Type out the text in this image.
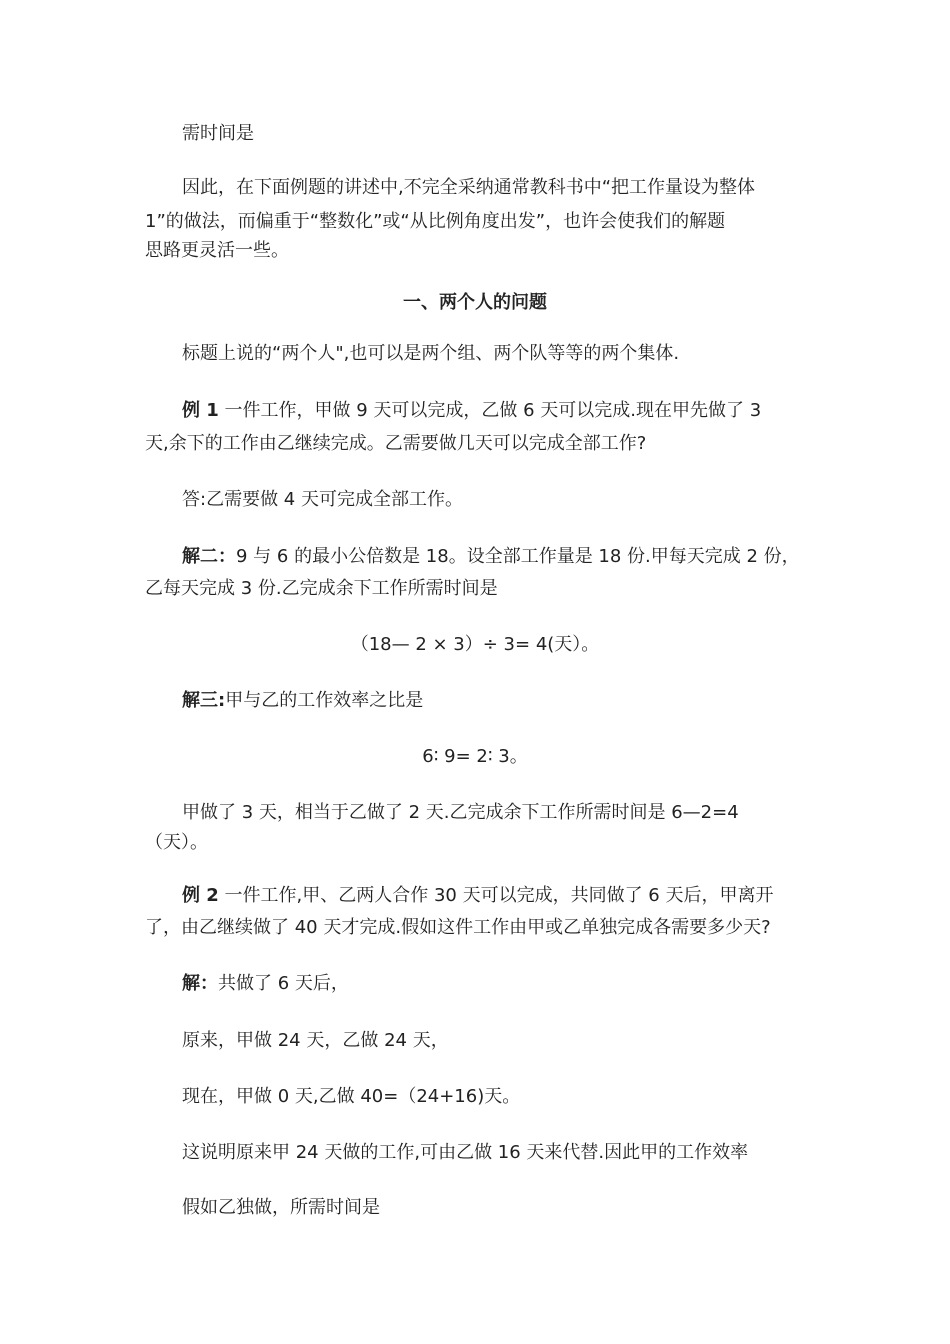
需时间是
因此，在下面例题的讲述中,不完全采纳通常教科书中“把工作量设为整体
1”的做法，而偏重于“整数化”或“从比例角度出发”，也许会使我们的解题
思路更灵活一些。
一、两个人的问题
标题上说的“两个人",也可以是两个组、两个队等等的两个集体.
例 1 一件工作，甲做 9 天可以完成，乙做 6 天可以完成.现在甲先做了 3
天,余下的工作由乙继续完成。乙需要做几天可以完成全部工作?
答:乙需要做 4 天可完成全部工作。
解二：9 与 6 的最小公倍数是 18。设全部工作量是 18 份.甲每天完成 2 份，
乙每天完成 3 份.乙完成余下工作所需时间是
（18— 2 × 3）÷ 3= 4(天）。
解三:甲与乙的工作效率之比是
6∶ 9= 2∶ 3。
甲做了 3 天，相当于乙做了 2 天.乙完成余下工作所需时间是 6—2=4
（天）。
例 2 一件工作,甲、乙两人合作 30 天可以完成，共同做了 6 天后，甲离开
了，由乙继续做了 40 天才完成.假如这件工作由甲或乙单独完成各需要多少天?
解：共做了 6 天后，
原来，甲做 24 天，乙做 24 天，
现在，甲做 0 天,乙做 40=（24+16)天。
这说明原来甲 24 天做的工作,可由乙做 16 天来代替.因此甲的工作效率
假如乙独做，所需时间是
